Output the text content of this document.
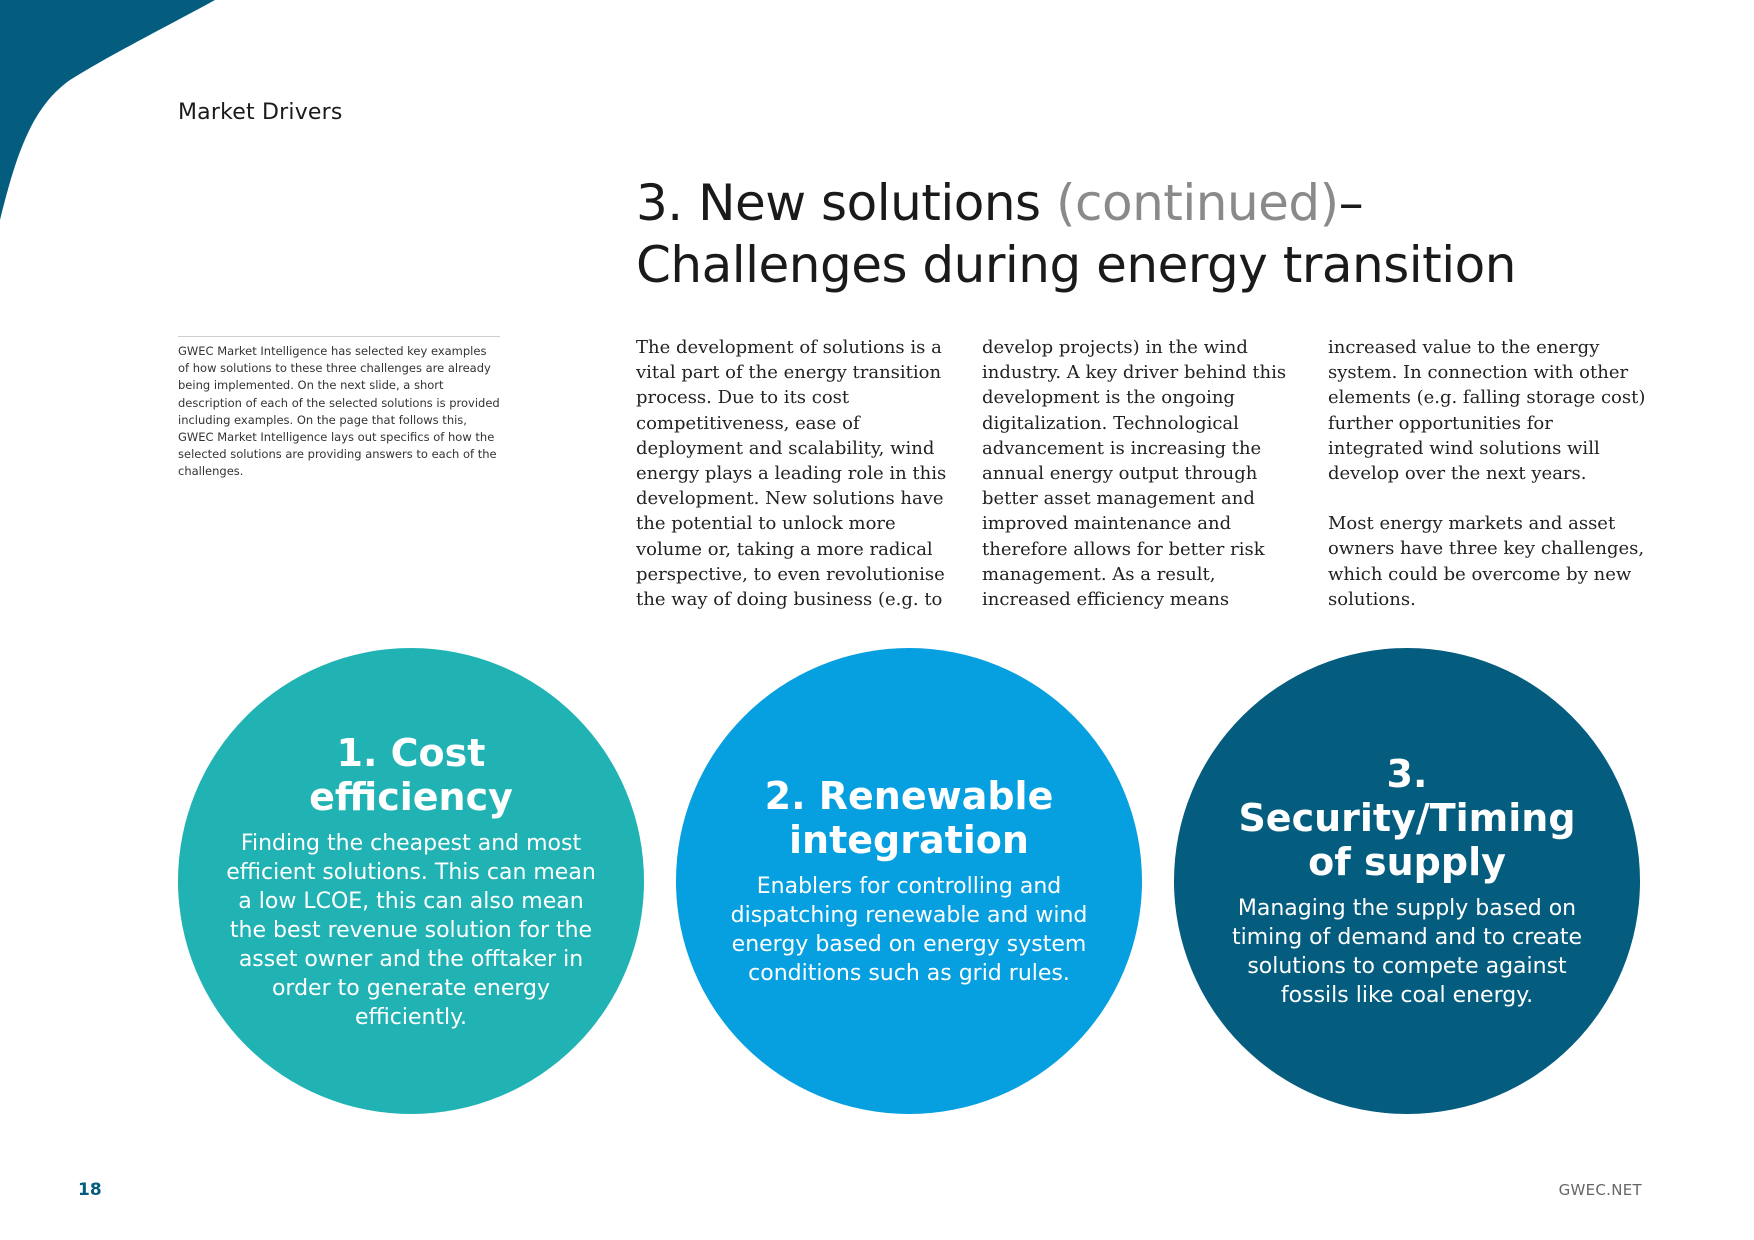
Market Drivers
3. New solutions (continued)–
Challenges during energy transition
GWEC Market Intelligence has selected key examples of how solutions to these three challenges are already being implemented. On the next slide, a short description of each of the selected solutions is provided including examples. On the page that follows this, GWEC Market Intelligence lays out specifics of how the selected solutions are providing answers to each of the challenges.

The development of solutions is a vital part of the energy transition process. Due to its cost competitiveness, ease of deployment and scalability, wind energy plays a leading role in this development. New solutions have the potential to unlock more volume or, taking a more radical perspective, to even revolutionise the way of doing business (e.g. to

develop projects) in the wind industry. A key driver behind this development is the ongoing digitalization. Technological advancement is increasing the annual energy output through better asset management and improved maintenance and therefore allows for better risk management. As a result, increased efficiency means

increased value to the energy system. In connection with other elements (e.g. falling storage cost) further opportunities for integrated wind solutions will develop over the next years.

Most energy markets and asset owners have three key challenges, which could be overcome by new solutions.

1. Cost efficiency
Finding the cheapest and most efficient solutions. This can mean a low LCOE, this can also mean the best revenue solution for the asset owner and the offtaker in order to generate energy efficiently.
2. Renewable integration
Enablers for controlling and dispatching renewable and wind energy based on energy system conditions such as grid rules.
3. Security/Timing of supply
Managing the supply based on timing of demand and to create solutions to compete against fossils like coal energy.
18	GWEC.NET
